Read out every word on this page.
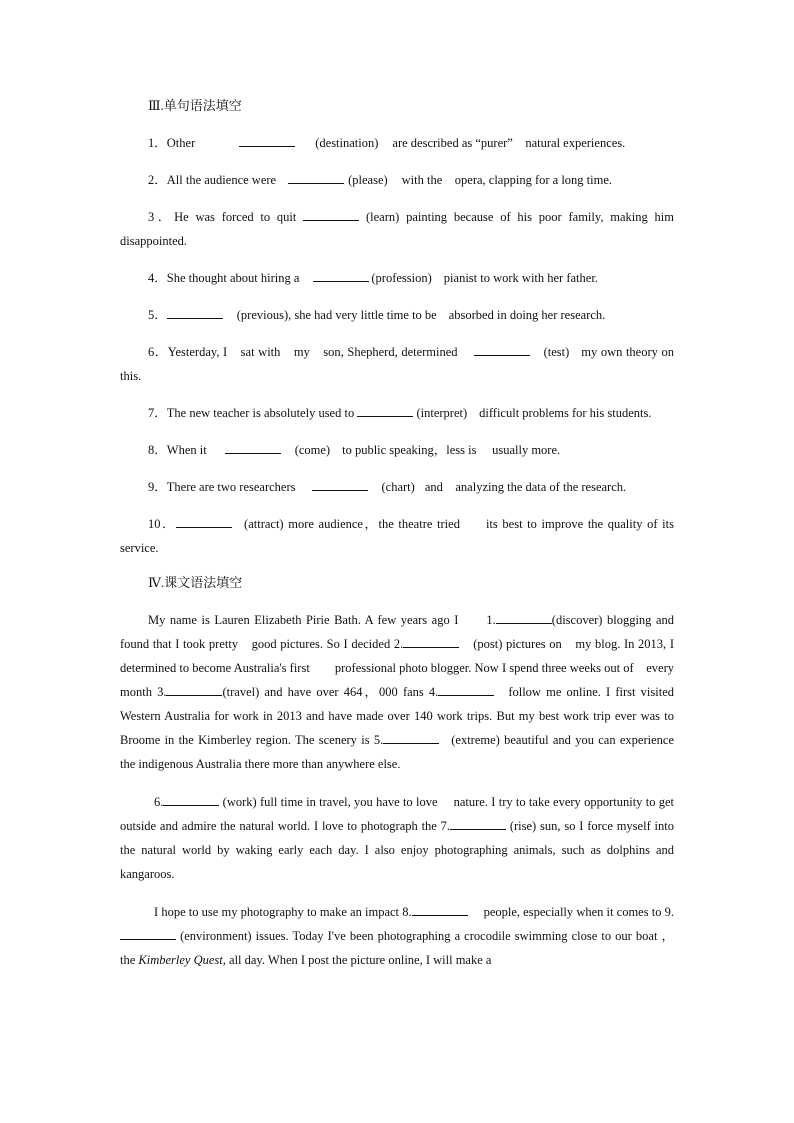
Ⅲ.单句语法填空
1．Other	(destination) are described as “purer”　natural experiences.
2．All the audience were	(please) with the　opera, clapping for a long time.
3．He was forced to quit	(learn) painting because of his poor family, making him disappointed.
4．She thought about hiring a	(profession) pianist to work with her father.
5．	(previous), she had very little time to be absorbed in doing her research.
6．Yesterday, I　sat with　my　son, Shepherd, determined	(test) my own theory on this.
7．The new teacher is absolutely used to	(interpret) difficult problems for his students.
8．When it	(come) to public speaking，less is　 usually more.
9．There are two researchers	(chart) and　analyzing the data of the research.
10．	(attract) more audience，the theatre tried its best to improve the quality of its service.
Ⅳ.课文语法填空

My name is Lauren Elizabeth Pirie Bath. A few years ago I 1.	(discover) blogging and found that I took pretty　good pictures. So I decided 2.	(post) pictures on　my blog. In 2013, I determined to become Australia's first　　professional photo blogger. Now I spend three weeks out of　every month 3.	(travel) and have over 464，000 fans 4.	follow me online. I first visited Western Australia for work in 2013 and have made over 140 work trips. But my best work trip ever was to Broome in the Kimberley region. The scenery is 5.	(extreme) beautiful and you can experience the indigenous Australia there more than anywhere else.

6.	(work) full time in travel, you have to love　 nature. I try to take every opportunity to get outside and admire the natural world. I love to photograph the 7.	(rise) sun, so I force myself into the natural world by waking early each day. I also enjoy photographing animals, such as dolphins and kangaroos.

I hope to use my photography to make an impact 8.	people, especially when it comes to 9. (environment) issues. Today I've been photographing a crocodile swimming close to our boat ， the Kimberley Quest, all day. When I post the picture online, I will make a
